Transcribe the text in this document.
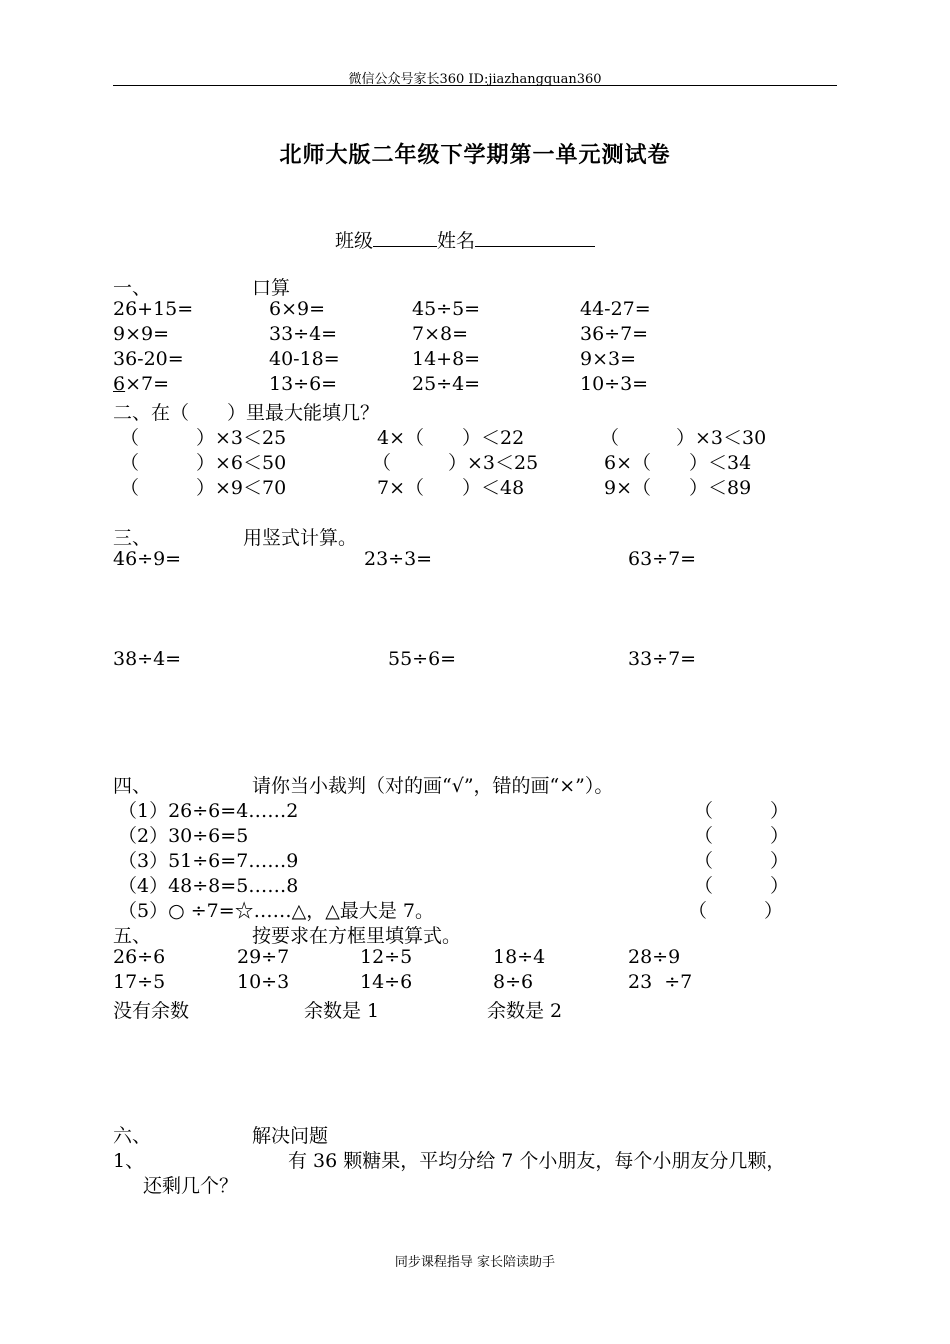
微信公众号家长360 ID:jiazhangquan360
北师大版二年级下学期第一单元测试卷
班级	姓名
一、	口算
26+15=	6×9=	45÷5=	44-27=
9×9=	33÷4=	7×8=	36÷7=
36-20=	40-18=	14+8=	9×3=
6×7=	13÷6=	25÷4=	10÷3=
二、在（　　）里最大能填几？
（　　　）×3＜25	4×（　　）＜22	（　　　）×3＜30
（　　　）×6＜50	（　　　）×3＜25	6×（　　）＜34
（　　　）×9＜70	7×（　　）＜48	9×（　　）＜89
三、	用竖式计算。
46÷9=	23÷3=	63÷7=
38÷4=	55÷6=	33÷7=
四、	请你当小裁判（对的画“√”，错的画“×”）。
（1）26÷6=4……2	（　　　）
（2）30÷6=5	（　　　）
（3）51÷6=7……9	（　　　）
（4）48÷8=5……8	（　　　）
（5）○ ÷7=☆……△，△最大是 7。	（　　　）
五、	按要求在方框里填算式。
26÷6	29÷7	12÷5	18÷4	28÷9
17÷5	10÷3	14÷6	8÷6	23  ÷7
没有余数	余数是 1	余数是 2
六、	解决问题
1、	有 36 颗糖果，平均分给 7 个小朋友，每个小朋友分几颗，
还剩几个？
同步课程指导 家长陪读助手
